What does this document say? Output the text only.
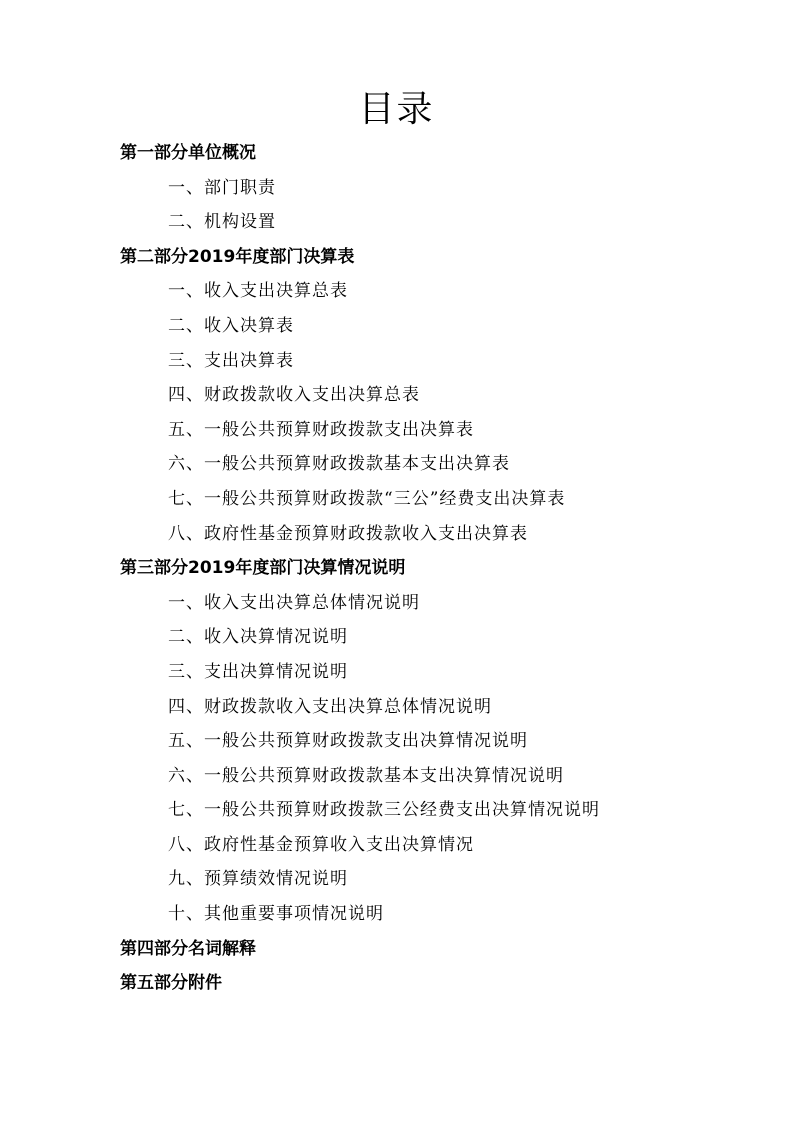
目录
第一部分单位概况
一、部门职责
二、机构设置
第二部分2019年度部门决算表
一、收入支出决算总表
二、收入决算表
三、支出决算表
四、财政拨款收入支出决算总表
五、一般公共预算财政拨款支出决算表
六、一般公共预算财政拨款基本支出决算表
七、一般公共预算财政拨款“三公”经费支出决算表
八、政府性基金预算财政拨款收入支出决算表
第三部分2019年度部门决算情况说明
一、收入支出决算总体情况说明
二、收入决算情况说明
三、支出决算情况说明
四、财政拨款收入支出决算总体情况说明
五、一般公共预算财政拨款支出决算情况说明
六、一般公共预算财政拨款基本支出决算情况说明
七、一般公共预算财政拨款三公经费支出决算情况说明
八、政府性基金预算收入支出决算情况
九、预算绩效情况说明
十、其他重要事项情况说明
第四部分名词解释
第五部分附件
